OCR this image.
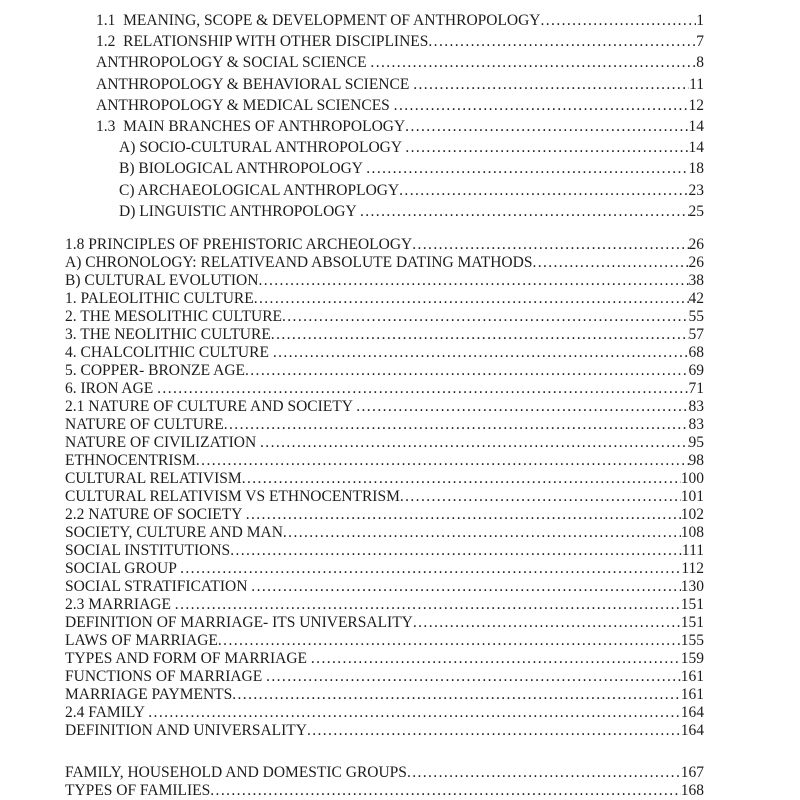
1.1  MEANING, SCOPE & DEVELOPMENT OF ANTHROPOLOGY .....	1
1.2  RELATIONSHIP WITH OTHER DISCIPLINES .....	7
ANTHROPOLOGY & SOCIAL SCIENCE .....	8
ANTHROPOLOGY & BEHAVIORAL SCIENCE .....	11
ANTHROPOLOGY & MEDICAL SCIENCES .....	12
1.3  MAIN BRANCHES OF ANTHROPOLOGY .....	14
A) SOCIO-CULTURAL ANTHROPOLOGY .....	14
B) BIOLOGICAL ANTHROPOLOGY .....	18
C) ARCHAEOLOGICAL ANTHROPLOGY .....	23
D) LINGUISTIC ANTHROPOLOGY .....	25
1.8 PRINCIPLES OF PREHISTORIC ARCHEOLOGY .....	26
A) CHRONOLOGY: RELATIVEAND ABSOLUTE DATING MATHODS .....	26
B) CULTURAL EVOLUTION .....	38
1. PALEOLITHIC CULTURE .....	42
2. THE MESOLITHIC CULTURE .....	55
3. THE NEOLITHIC CULTURE .....	57
4. CHALCOLITHIC CULTURE .....	68
5. COPPER- BRONZE AGE .....	69
6. IRON AGE .....	71
2.1 NATURE OF CULTURE AND SOCIETY .....	83
NATURE OF CULTURE .....	83
NATURE OF CIVILIZATION .....	95
ETHNOCENTRISM .....	98
CULTURAL RELATIVISM .....	100
CULTURAL RELATIVISM VS ETHNOCENTRISM .....	101
2.2 NATURE OF SOCIETY .....	102
SOCIETY, CULTURE AND MAN .....	108
SOCIAL INSTITUTIONS .....	111
SOCIAL GROUP .....	112
SOCIAL STRATIFICATION .....	130
2.3 MARRIAGE .....	151
DEFINITION OF MARRIAGE- ITS UNIVERSALITY .....	151
LAWS OF MARRIAGE .....	155
TYPES AND FORM OF MARRIAGE .....	159
FUNCTIONS OF MARRIAGE .....	161
MARRIAGE PAYMENTS .....	161
2.4 FAMILY .....	164
DEFINITION AND UNIVERSALITY .....	164
FAMILY, HOUSEHOLD AND DOMESTIC GROUPS .....	167
TYPES OF FAMILIES .....	168
